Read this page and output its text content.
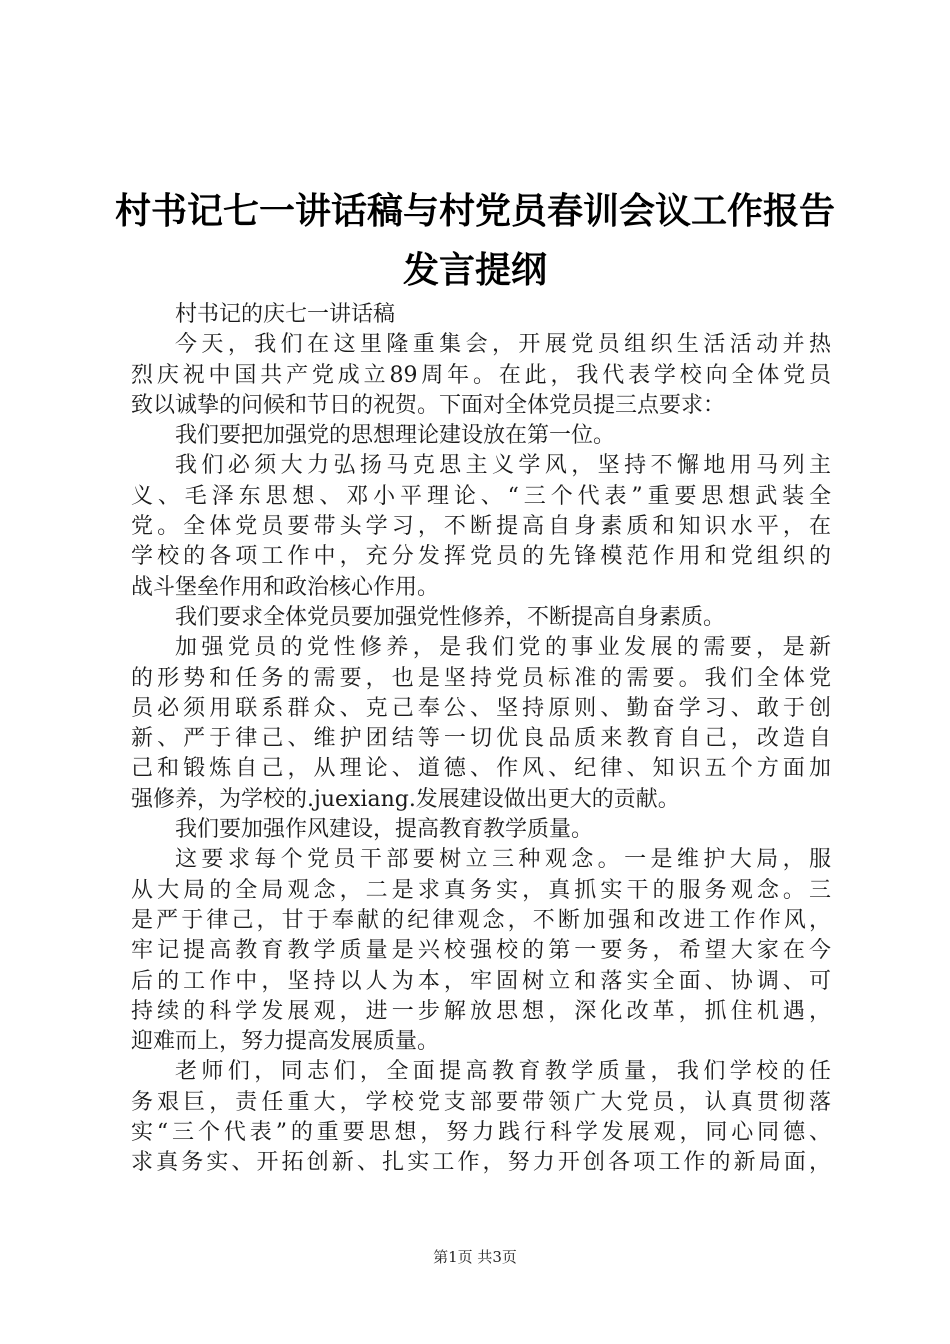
村书记七一讲话稿与村党员春训会议工作报告
发言提纲
村书记的庆七一讲话稿
今天，我们在这里隆重集会，开展党员组织生活活动并热
烈庆祝中国共产党成立89周年。在此，我代表学校向全体党员
致以诚挚的问候和节日的祝贺。下面对全体党员提三点要求：
我们要把加强党的思想理论建设放在第一位。
我们必须大力弘扬马克思主义学风，坚持不懈地用马列主
义、毛泽东思想、邓小平理论、“三个代表”重要思想武装全
党。全体党员要带头学习，不断提高自身素质和知识水平，在
学校的各项工作中，充分发挥党员的先锋模范作用和党组织的
战斗堡垒作用和政治核心作用。
我们要求全体党员要加强党性修养，不断提高自身素质。
加强党员的党性修养，是我们党的事业发展的需要，是新
的形势和任务的需要，也是坚持党员标准的需要。我们全体党
员必须用联系群众、克己奉公、坚持原则、勤奋学习、敢于创
新、严于律己、维护团结等一切优良品质来教育自己，改造自
己和锻炼自己，从理论、道德、作风、纪律、知识五个方面加
强修养，为学校的.juexiang.发展建设做出更大的贡献。
我们要加强作风建设，提高教育教学质量。
这要求每个党员干部要树立三种观念。一是维护大局，服
从大局的全局观念，二是求真务实，真抓实干的服务观念。三
是严于律己，甘于奉献的纪律观念，不断加强和改进工作作风，
牢记提高教育教学质量是兴校强校的第一要务，希望大家在今
后的工作中，坚持以人为本，牢固树立和落实全面、协调、可
持续的科学发展观，进一步解放思想，深化改革，抓住机遇，
迎难而上，努力提高发展质量。
老师们，同志们，全面提高教育教学质量，我们学校的任
务艰巨，责任重大，学校党支部要带领广大党员，认真贯彻落
实“三个代表”的重要思想，努力践行科学发展观，同心同德、
求真务实、开拓创新、扎实工作，努力开创各项工作的新局面，
第1页 共3页
